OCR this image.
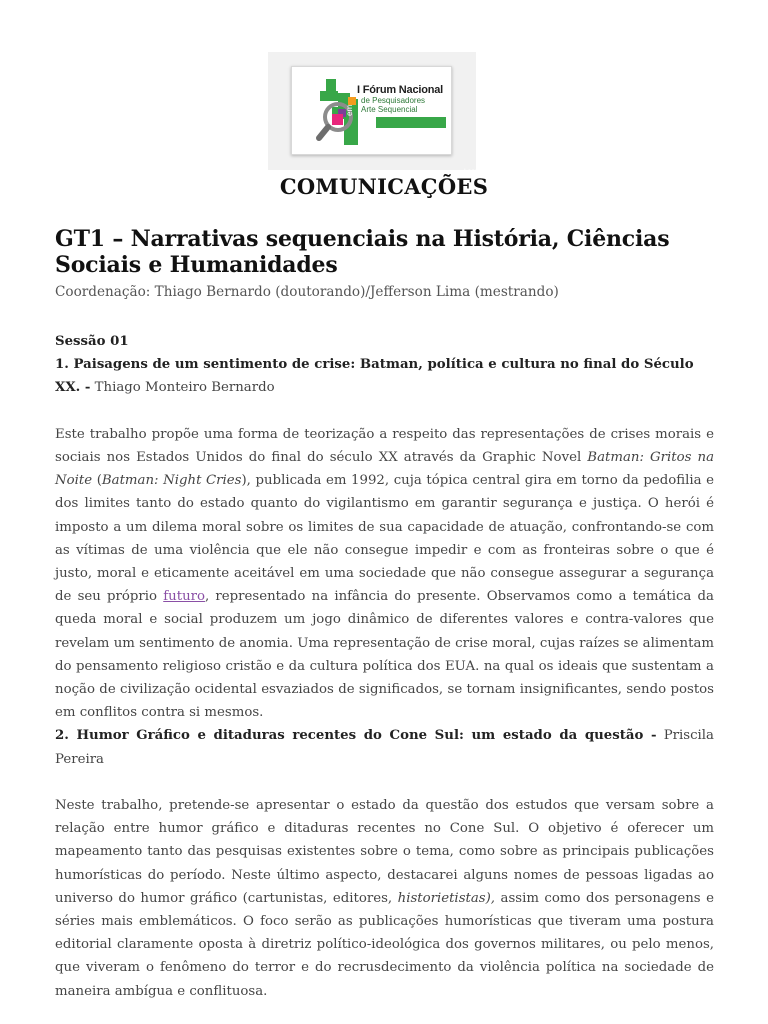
I Fórum Nacional
de Pesquisadores
Arte Sequencial
Leopoldina MG
em
COMUNICAÇÕES
GT1 – Narrativas sequenciais na História, Ciências Sociais e Humanidades
Coordenação: Thiago Bernardo (doutorando)/Jefferson Lima (mestrando)

Sessão 01

1. Paisagens de um sentimento de crise: Batman, política e cultura no final do Século XX. - Thiago Monteiro Bernardo

Este trabalho propõe uma forma de teorização a respeito das representações de crises morais e sociais nos Estados Unidos do final do século XX através da Graphic Novel Batman: Gritos na Noite (Batman: Night Cries), publicada em 1992, cuja tópica central gira em torno da pedofilia e dos limites tanto do estado quanto do vigilantismo em garantir segurança e justiça. O herói é imposto a um dilema moral sobre os limites de sua capacidade de atuação, confrontando-se com as vítimas de uma violência que ele não consegue impedir e com as fronteiras sobre o que é justo, moral e eticamente aceitável em uma sociedade que não consegue assegurar a segurança de seu próprio futuro, representado na infância do presente. Observamos como a temática da queda moral e social produzem um jogo dinâmico de diferentes valores e contra-valores que revelam um sentimento de anomia. Uma representação de crise moral, cujas raízes se alimentam do pensamento religioso cristão e da cultura política dos EUA. na qual os ideais que sustentam a noção de civilização ocidental esvaziados de significados, se tornam insignificantes, sendo postos em conflitos contra si mesmos.

2. Humor Gráfico e ditaduras recentes do Cone Sul: um estado da questão - Priscila Pereira

Neste trabalho, pretende-se apresentar o estado da questão dos estudos que versam sobre a relação entre humor gráfico e ditaduras recentes no Cone Sul. O objetivo é oferecer um mapeamento tanto das pesquisas existentes sobre o tema, como sobre as principais publicações humorísticas do período. Neste último aspecto, destacarei alguns nomes de pessoas ligadas ao universo do humor gráfico (cartunistas, editores, historietistas), assim como dos personagens e séries mais emblemáticos. O foco serão as publicações humorísticas que tiveram uma postura editorial claramente oposta à diretriz político-ideológica dos governos militares, ou pelo menos, que viveram o fenômeno do terror e do recrusdecimento da violência política na sociedade de maneira ambígua e conflituosa.
